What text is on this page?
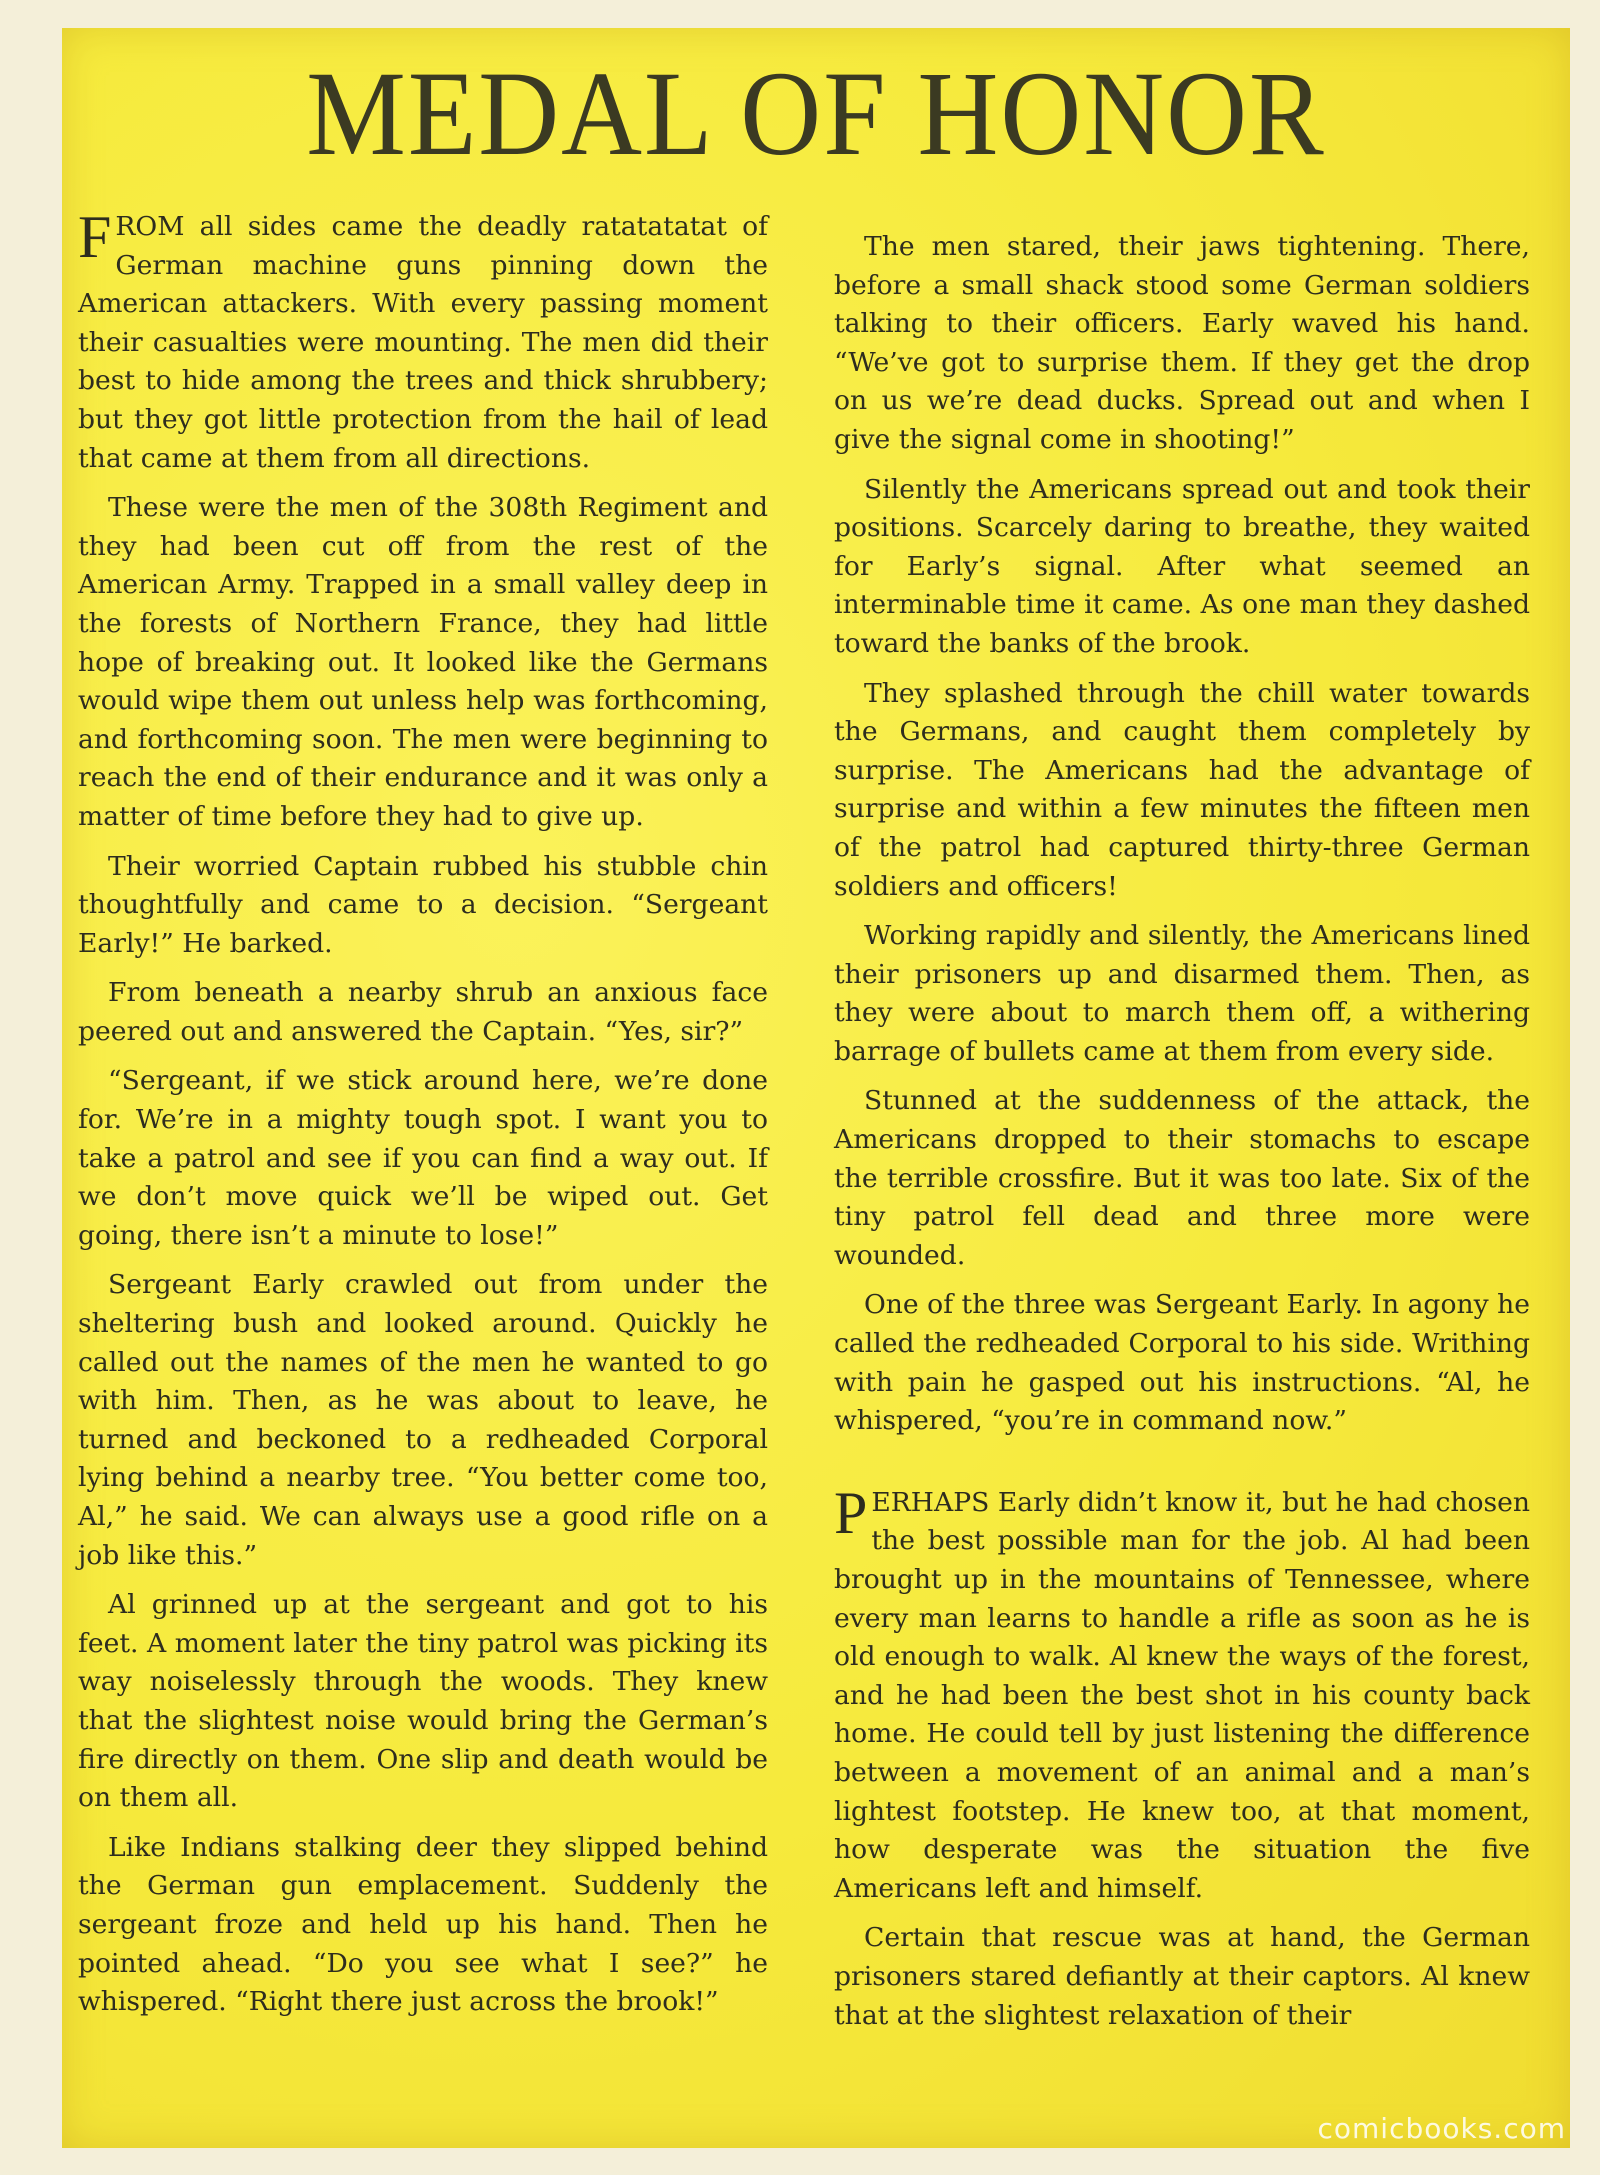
MEDAL OF HONOR

FROM all sides came the deadly ratatatatat of German machine guns pinning down the American attackers. With every passing moment their casualties were mounting. The men did their best to hide among the trees and thick shrubbery; but they got little protection from the hail of lead that came at them from all directions.

These were the men of the 308th Regiment and they had been cut off from the rest of the American Army. Trapped in a small valley deep in the forests of Northern France, they had little hope of breaking out. It looked like the Germans would wipe them out unless help was forthcoming, and forthcoming soon. The men were beginning to reach the end of their endurance and it was only a matter of time before they had to give up.

Their worried Captain rubbed his stubble chin thoughtfully and came to a decision. “Sergeant Early!” He barked.

From beneath a nearby shrub an anxious face peered out and answered the Captain. “Yes, sir?”

“Sergeant, if we stick around here, we’re done for. We’re in a mighty tough spot. I want you to take a patrol and see if you can find a way out. If we don’t move quick we’ll be wiped out. Get going, there isn’t a minute to lose!”

Sergeant Early crawled out from under the sheltering bush and looked around. Quickly he called out the names of the men he wanted to go with him. Then, as he was about to leave, he turned and beckoned to a redheaded Corporal lying behind a nearby tree. “You better come too, Al,” he said. We can always use a good rifle on a job like this.”

Al grinned up at the sergeant and got to his feet. A moment later the tiny patrol was picking its way noiselessly through the woods. They knew that the slightest noise would bring the German’s fire directly on them. One slip and death would be on them all.

Like Indians stalking deer they slipped behind the German gun emplacement. Suddenly the sergeant froze and held up his hand. Then he pointed ahead. “Do you see what I see?” he whispered. “Right there just across the brook!”

The men stared, their jaws tightening. There, before a small shack stood some German soldiers talking to their officers. Early waved his hand. “We’ve got to surprise them. If they get the drop on us we’re dead ducks. Spread out and when I give the signal come in shooting!”

Silently the Americans spread out and took their positions. Scarcely daring to breathe, they waited for Early’s signal. After what seemed an interminable time it came. As one man they dashed toward the banks of the brook.

They splashed through the chill water towards the Germans, and caught them completely by surprise. The Americans had the advantage of surprise and within a few minutes the fifteen men of the patrol had captured thirty-three German soldiers and officers!

Working rapidly and silently, the Americans lined their prisoners up and disarmed them. Then, as they were about to march them off, a withering barrage of bullets came at them from every side.

Stunned at the suddenness of the attack, the Americans dropped to their stomachs to escape the terrible crossfire. But it was too late. Six of the tiny patrol fell dead and three more were wounded.

One of the three was Sergeant Early. In agony he called the redheaded Corporal to his side. Writhing with pain he gasped out his instructions. “Al, he whispered, “you’re in command now.”

PERHAPS Early didn’t know it, but he had chosen the best possible man for the job. Al had been brought up in the mountains of Tennessee, where every man learns to handle a rifle as soon as he is old enough to walk. Al knew the ways of the forest, and he had been the best shot in his county back home. He could tell by just listening the difference between a movement of an animal and a man’s lightest footstep. He knew too, at that moment, how desperate was the situation the five Americans left and himself.

Certain that rescue was at hand, the German prisoners stared defiantly at their captors. Al knew that at the slightest relaxation of their

comicbooks.com
